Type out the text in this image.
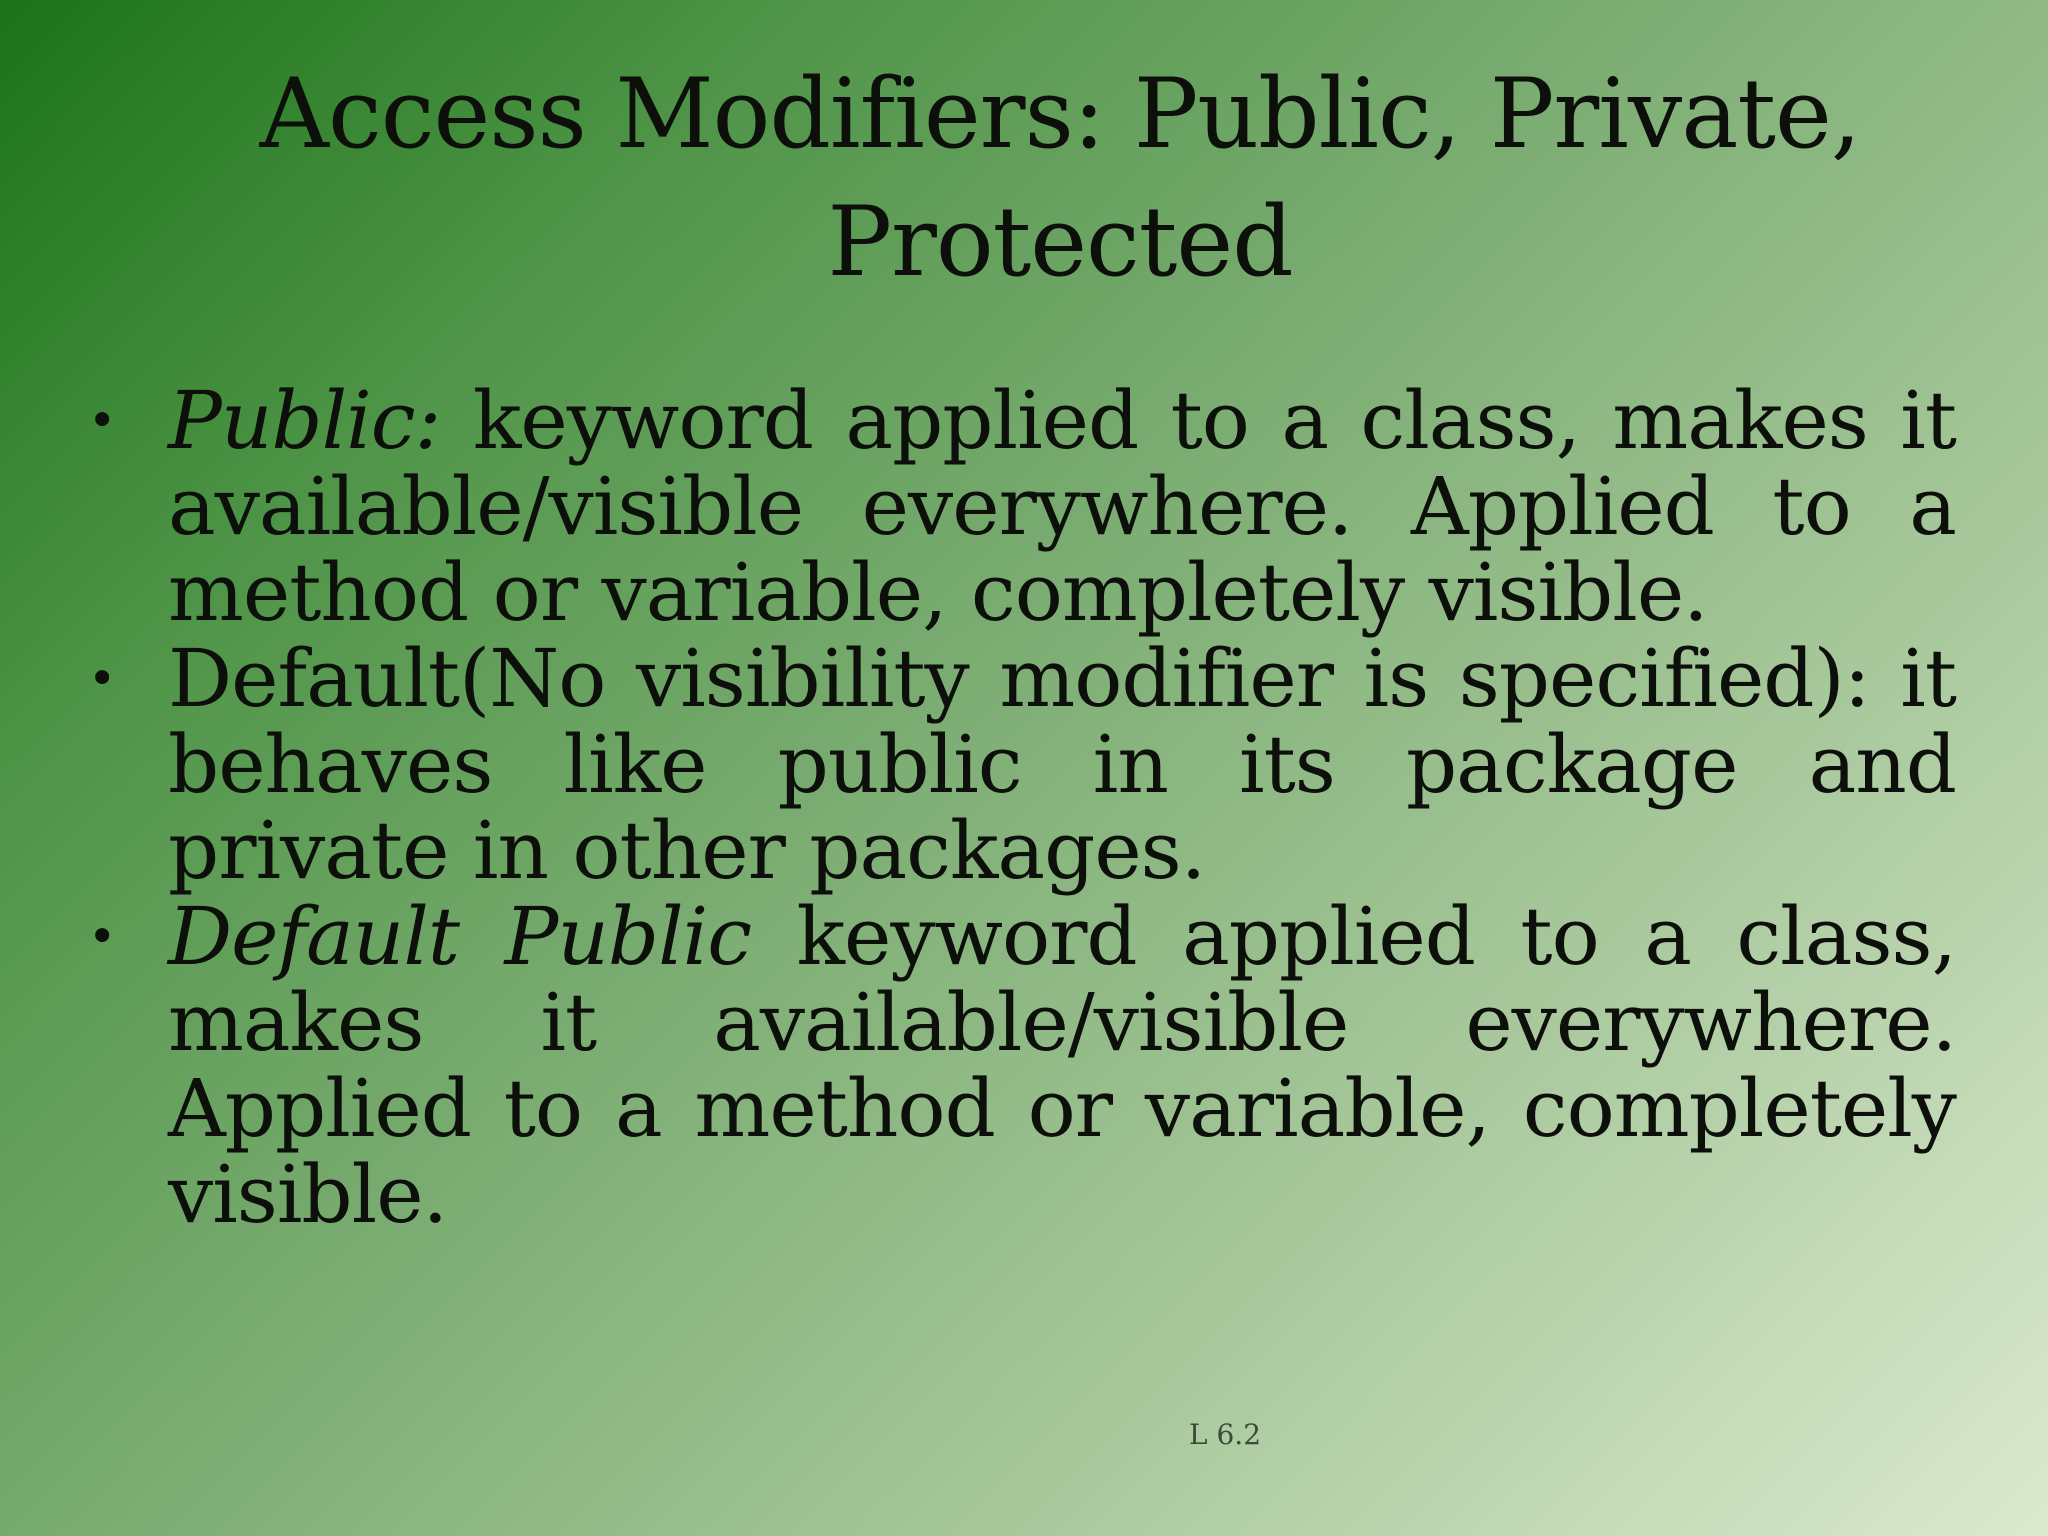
Access Modifiers: Public, Private,
Protected
• Public: keyword applied to a class, makes it available/visible everywhere. Applied to a method or variable, completely visible.
• Default(No visibility modifier is specified): it behaves like public in its package and private in other packages.
• Default Public keyword applied to a class, makes it available/visible everywhere. Applied to a method or variable, completely visible.
L 6.2
